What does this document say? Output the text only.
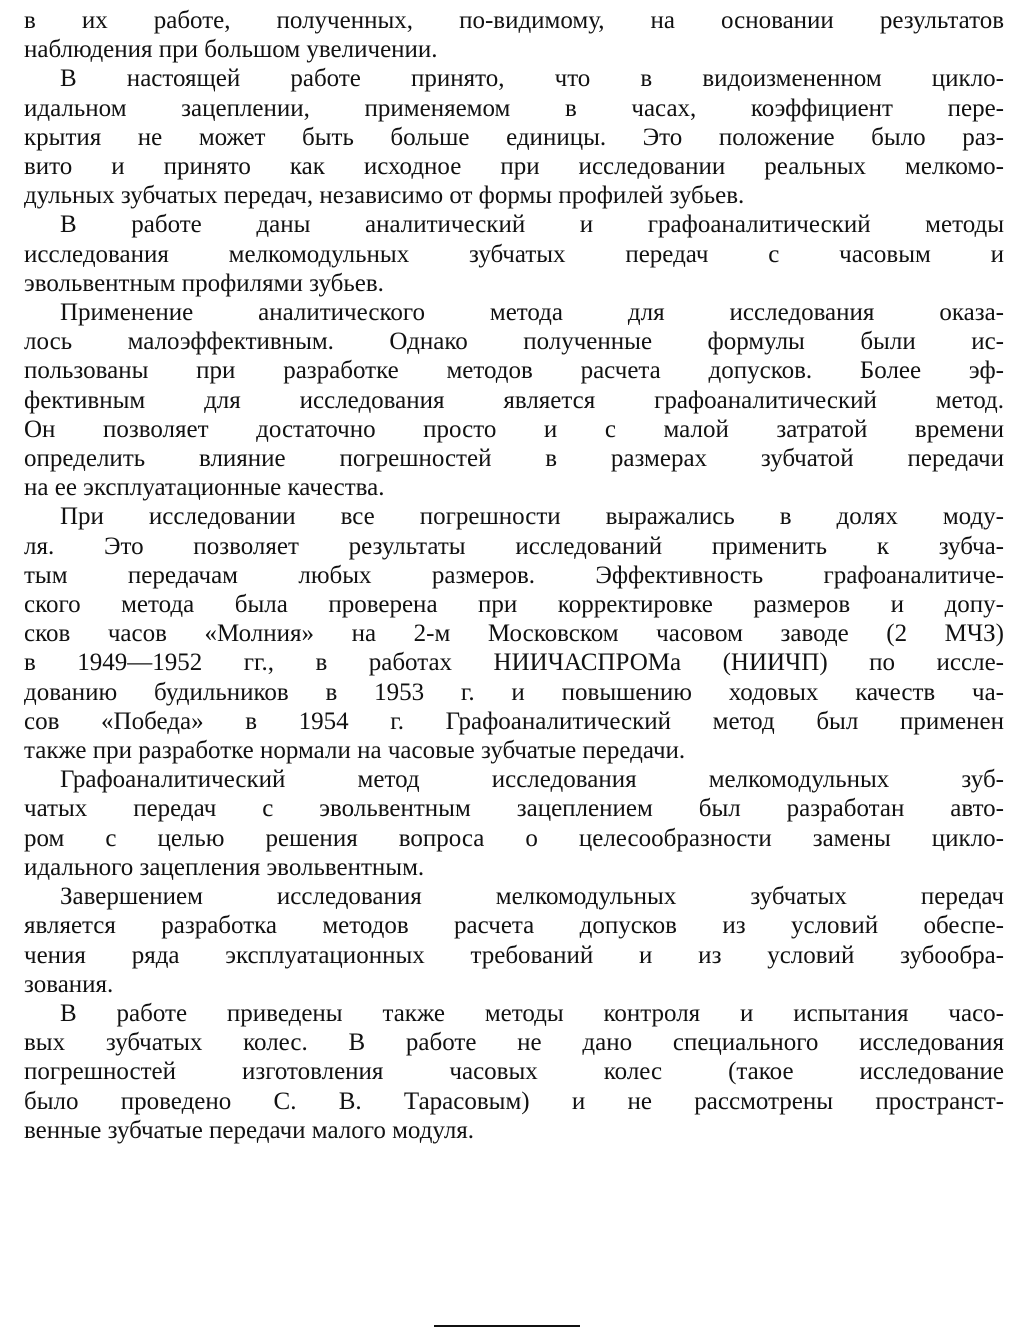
в их работе, полученных, по-видимому, на основании результатов
наблюдения при большом увеличении.
В настоящей работе принято, что в видоизмененном цикло-
идальном зацеплении, применяемом в часах, коэффициент пере-
крытия не может быть больше единицы. Это положение было раз-
вито и принято как исходное при исследовании реальных мелкомо-
дульных зубчатых передач, независимо от формы профилей зубьев.
В работе даны аналитический и графоаналитический методы
исследования мелкомодульных зубчатых передач с часовым и
эвольвентным профилями зубьев.
Применение аналитического метода для исследования оказа-
лось малоэффективным. Однако полученные формулы были ис-
пользованы при разработке методов расчета допусков. Более эф-
фективным для исследования является графоаналитический метод.
Он позволяет достаточно просто и с малой затратой времени
определить влияние погрешностей в размерах зубчатой передачи
на ее эксплуатационные качества.
При исследовании все погрешности выражались в долях моду-
ля. Это позволяет результаты исследований применить к зубча-
тым передачам любых размеров. Эффективность графоаналитиче-
ского метода была проверена при корректировке размеров и допу-
сков часов «Молния» на 2-м Московском часовом заводе (2 МЧЗ)
в 1949—1952 гг., в работах НИИЧАСПРОМа (НИИЧП) по иссле-
дованию будильников в 1953 г. и повышению ходовых качеств ча-
сов «Победа» в 1954 г. Графоаналитический метод был применен
также при разработке нормали на часовые зубчатые передачи.
Графоаналитический метод исследования мелкомодульных зуб-
чатых передач с эвольвентным зацеплением был разработан авто-
ром с целью решения вопроса о целесообразности замены цикло-
идального зацепления эвольвентным.
Завершением исследования мелкомодульных зубчатых передач
является разработка методов расчета допусков из условий обеспе-
чения ряда эксплуатационных требований и из условий зубообра-
зования.
В работе приведены также методы контроля и испытания часо-
вых зубчатых колес. В работе не дано специального исследования
погрешностей изготовления часовых колес (такое исследование
было проведено С. В. Тарасовым) и не рассмотрены пространст-
венные зубчатые передачи малого модуля.
